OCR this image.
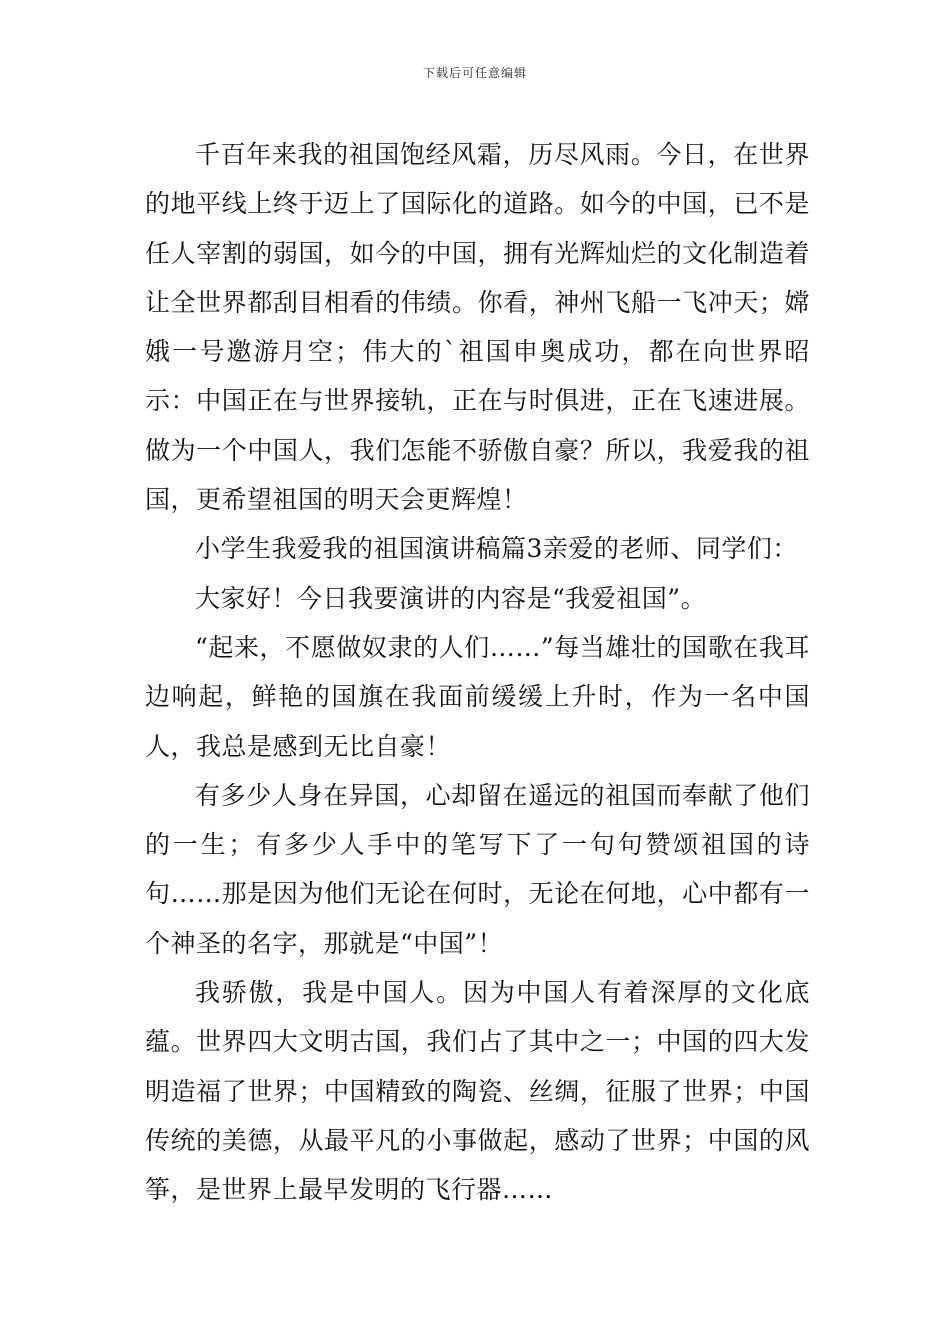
下载后可任意编辑

千百年来我的祖国饱经风霜，历尽风雨。今日，在世界的地平线上终于迈上了国际化的道路。如今的中国，已不是任人宰割的弱国，如今的中国，拥有光辉灿烂的文化制造着让全世界都刮目相看的伟绩。你看，神州飞船一飞冲天；嫦娥一号邀游月空；伟大的`祖国申奥成功，都在向世界昭示：中国正在与世界接轨，正在与时俱进，正在飞速进展。做为一个中国人，我们怎能不骄傲自豪？所以，我爱我的祖国，更希望祖国的明天会更辉煌！

小学生我爱我的祖国演讲稿篇3亲爱的老师、同学们：

大家好！今日我要演讲的内容是“我爱祖国”。

“起来，不愿做奴隶的人们……”每当雄壮的国歌在我耳边响起，鲜艳的国旗在我面前缓缓上升时，作为一名中国人，我总是感到无比自豪！

有多少人身在异国，心却留在遥远的祖国而奉献了他们的一生；有多少人手中的笔写下了一句句赞颂祖国的诗句……那是因为他们无论在何时，无论在何地，心中都有一个神圣的名字，那就是“中国”！

我骄傲，我是中国人。因为中国人有着深厚的文化底蕴。世界四大文明古国，我们占了其中之一；中国的四大发明造福了世界；中国精致的陶瓷、丝绸，征服了世界；中国传统的美德，从最平凡的小事做起，感动了世界；中国的风筝，是世界上最早发明的飞行器……
